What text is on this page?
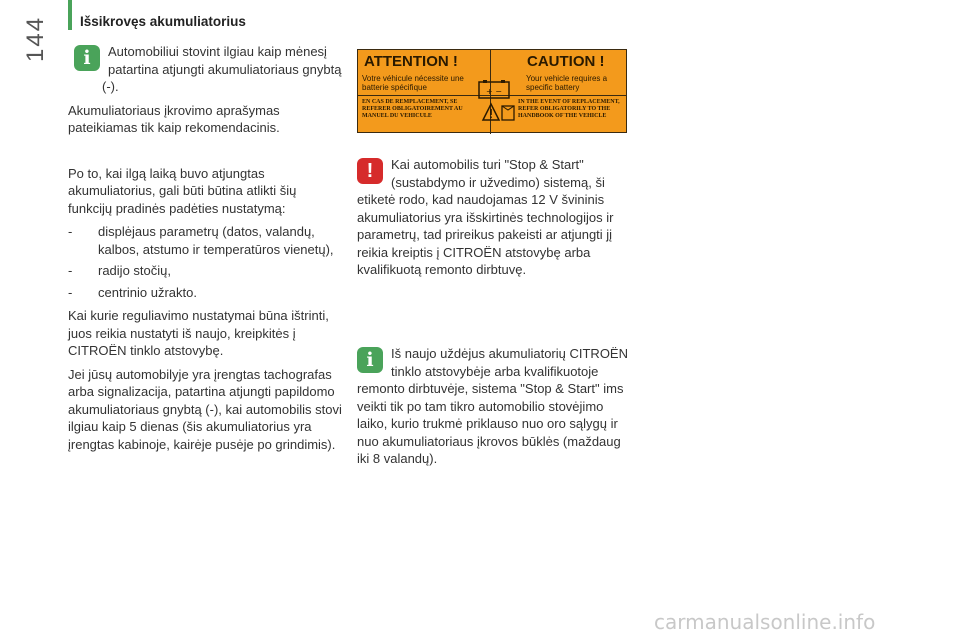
144 Išsikrovęs akumuliatorius
i	Automobiliui stovint ilgiau kaip mėnesį patartina atjungti akumuliatoriaus gnybtą (-).

Akumuliatoriaus įkrovimo aprašymas pateikiamas tik kaip rekomendacinis.

Po to, kai ilgą laiką buvo atjungtas akumuliatorius, gali būti būtina atlikti šių funkcijų pradinės padėties nustatymą:

- displėjaus parametrų (datos, valandų, kalbos, atstumo ir temperatūros vienetų),
- radijo stočių,
- centrinio užrakto.

Kai kurie reguliavimo nustatymai būna ištrinti, juos reikia nustatyti iš naujo, kreipkitės į CITROËN tinklo atstovybę.

Jei jūsų automobilyje yra įrengtas tachografas arba signalizacija, patartina atjungti papildomo akumuliatoriaus gnybtą (-), kai automobilis stovi ilgiau kaip 5 dienas (šis akumuliatorius yra įrengtas kabinoje, kairėje pusėje po grindimis).

ATTENTION !	CAUTION !
Votre véhicule nécessite une batterie spécifique
Your vehicle requires a specific battery
EN CAS DE REMPLACEMENT, SE REFERER OBLIGATOIREMENT AU MANUEL DU VEHICULE
IN THE EVENT OF REPLACEMENT, REFER OBLIGATORILY TO THE HANDBOOK OF THE VEHICLE
+ −
!	Kai automobilis turi "Stop & Start" (sustabdymo ir užvedimo) sistemą, ši etiketė rodo, kad naudojamas 12 V švininis akumuliatorius yra išskirtinės technologijos ir parametrų, tad prireikus pakeisti ar atjungti jį reikia kreiptis į CITROËN atstovybę arba kvalifikuotą remonto dirbtuvę.

i	Iš naujo uždėjus akumuliatorių CITROËN tinklo atstovybėje arba kvalifikuotoje remonto dirbtuvėje, sistema "Stop & Start" ims veikti tik po tam tikro automobilio stovėjimo laiko, kurio trukmė priklauso nuo oro sąlygų ir nuo akumuliatoriaus įkrovos būklės (maždaug iki 8 valandų).

carmanualsonline.info
